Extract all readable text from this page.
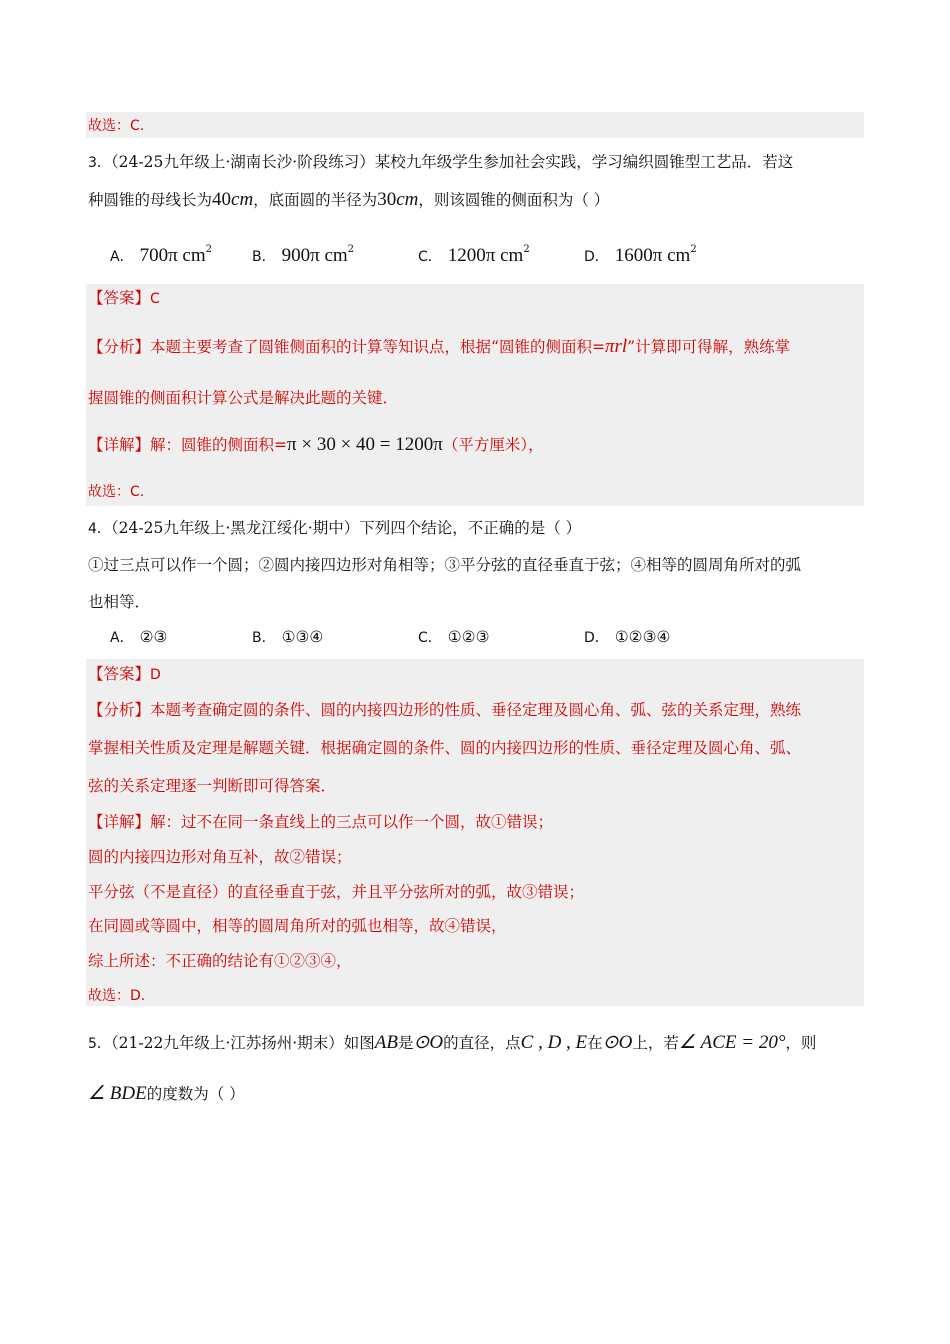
故选：C.
3．（24-25九年级上·湖南长沙·阶段练习）某校九年级学生参加社会实践，学习编织圆锥型工艺品．若这
种圆锥的母线长为40cm，底面圆的半径为30cm，则该圆锥的侧面积为（ ）
A． 700π $cm^2$	B． 900π $cm^2$	C． 1200π $cm^2$	D． 1600π $cm^2$
【答案】C
【分析】本题主要考查了圆锥侧面积的计算等知识点，根据“圆锥的侧面积=πrl”计算即可得解，熟练掌
握圆锥的侧面积计算公式是解决此题的关键．
【详解】解：圆锥的侧面积=π × 30 × 40 = 1200π（平方厘米），
故选：C.
4．（24-25九年级上·黑龙江绥化·期中）下列四个结论，不正确的是（ ）
①过三点可以作一个圆；②圆内接四边形对角相等；③平分弦的直径垂直于弦；④相等的圆周角所对的弧
也相等．
A． ②③	B． ①③④	C． ①②③	D． ①②③④
【答案】D
【分析】本题考查确定圆的条件、圆的内接四边形的性质、垂径定理及圆心角、弧、弦的关系定理，熟练
掌握相关性质及定理是解题关键．根据确定圆的条件、圆的内接四边形的性质、垂径定理及圆心角、弧、
弦的关系定理逐一判断即可得答案．
【详解】解：过不在同一条直线上的三点可以作一个圆，故①错误；
圆的内接四边形对角互补，故②错误；
平分弦（不是直径）的直径垂直于弦，并且平分弦所对的弧，故③错误；
在同圆或等圆中，相等的圆周角所对的弧也相等，故④错误，
综上所述：不正确的结论有①②③④，
故选：D.
5．（21-22九年级上·江苏扬州·期末）如图AB是⊙O的直径，点C , D , E在⊙O上，若∠ ACE = 20°，则
∠ BDE的度数为（ ）
